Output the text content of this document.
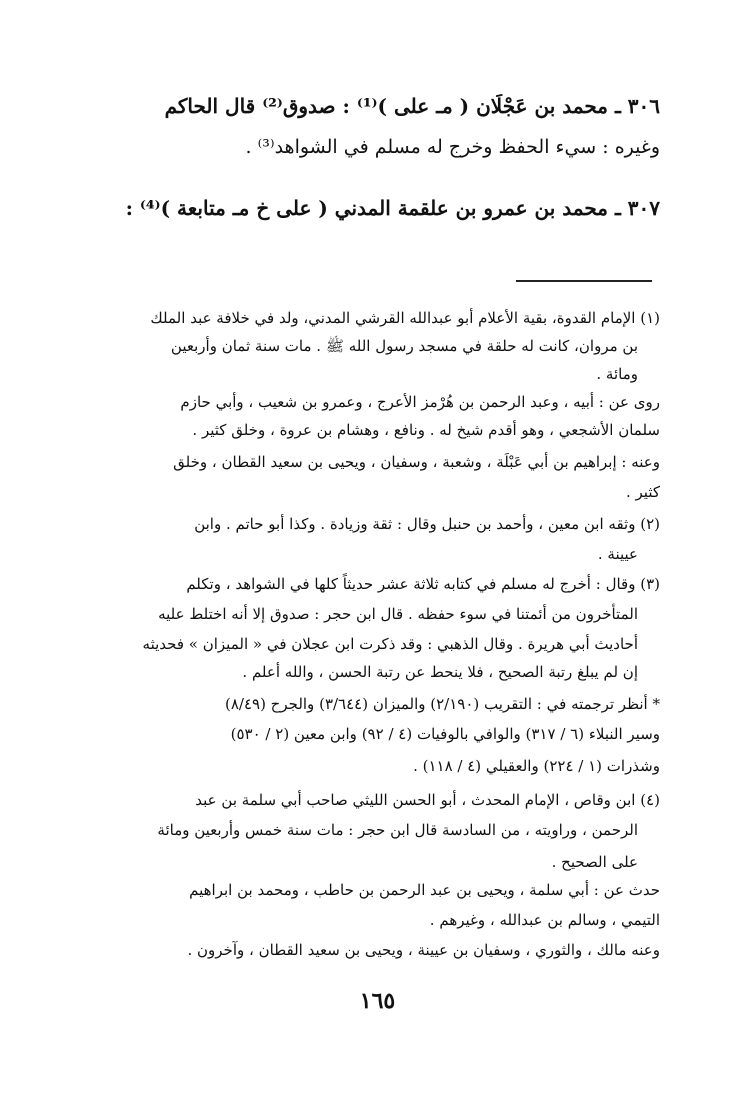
٣٠٦ ـ محمد بن عَجْلَان ( مـ على )⁽¹⁾ : صدوق⁽²⁾ قال الحاكم
وغيره : سيء الحفظ وخرج له مسلم في الشواهد⁽³⁾ .
٣٠٧ ـ محمد بن عمرو بن علقمة المدني ( على خ مـ متابعة )⁽⁴⁾ :
(١) الإمام القدوة، بقية الأعلام أبو عبدالله القرشي المدني، ولد في خلافة عبد الملك
بن مروان، كانت له حلقة في مسجد رسول الله ﷺ . مات سنة ثمان وأربعين
ومائة .
روى عن : أبيه ، وعبد الرحمن بن هُرْمز الأعرج ، وعمرو بن شعيب ، وأبي حازم
سلمان الأشجعي ، وهو أقدم شيخ له . ونافع ، وهشام بن عروة ، وخلق كثير .
وعنه : إبراهيم بن أبي عَبْلَة ، وشعبة ، وسفيان ، ويحيى بن سعيد القطان ، وخلق
كثير .
(٢) وثقه ابن معين ، وأحمد بن حنبل وقال : ثقة وزيادة . وكذا أبو حاتم . وابن
عيينة .
(٣) وقال : أخرج له مسلم في كتابه ثلاثة عشر حديثاً كلها في الشواهد ، وتكلم
المتأخرون من أئمتنا في سوء حفظه . قال ابن حجر : صدوق إلا أنه اختلط عليه
أحاديث أبي هريرة . وقال الذهبي : وقد ذكرت ابن عجلان في « الميزان » فحديثه
إن لم يبلغ رتبة الصحيح ، فلا ينحط عن رتبة الحسن ، والله أعلم .
* أنظر ترجمته في : التقريب (٢/١٩٠) والميزان (٣/٦٤٤) والجرح (٨/٤٩)
وسير النبلاء (٦ / ٣١٧) والوافي بالوفيات (٤ / ٩٢) وابن معين (٢ / ٥٣٠)
وشذرات (١ / ٢٢٤) والعقيلي (٤ / ١١٨) .
(٤) ابن وقاص ، الإمام المحدث ، أبو الحسن الليثي صاحب أبي سلمة بن عبد
الرحمن ، وراويته ، من السادسة قال ابن حجر : مات سنة خمس وأربعين ومائة
على الصحيح .
حدث عن : أبي سلمة ، ويحيى بن عبد الرحمن بن حاطب ، ومحمد بن ابراهيم
التيمي ، وسالم بن عبدالله ، وغيرهم .
وعنه مالك ، والثوري ، وسفيان بن عيينة ، ويحيى بن سعيد القطان ، وآخرون .
١٦٥
